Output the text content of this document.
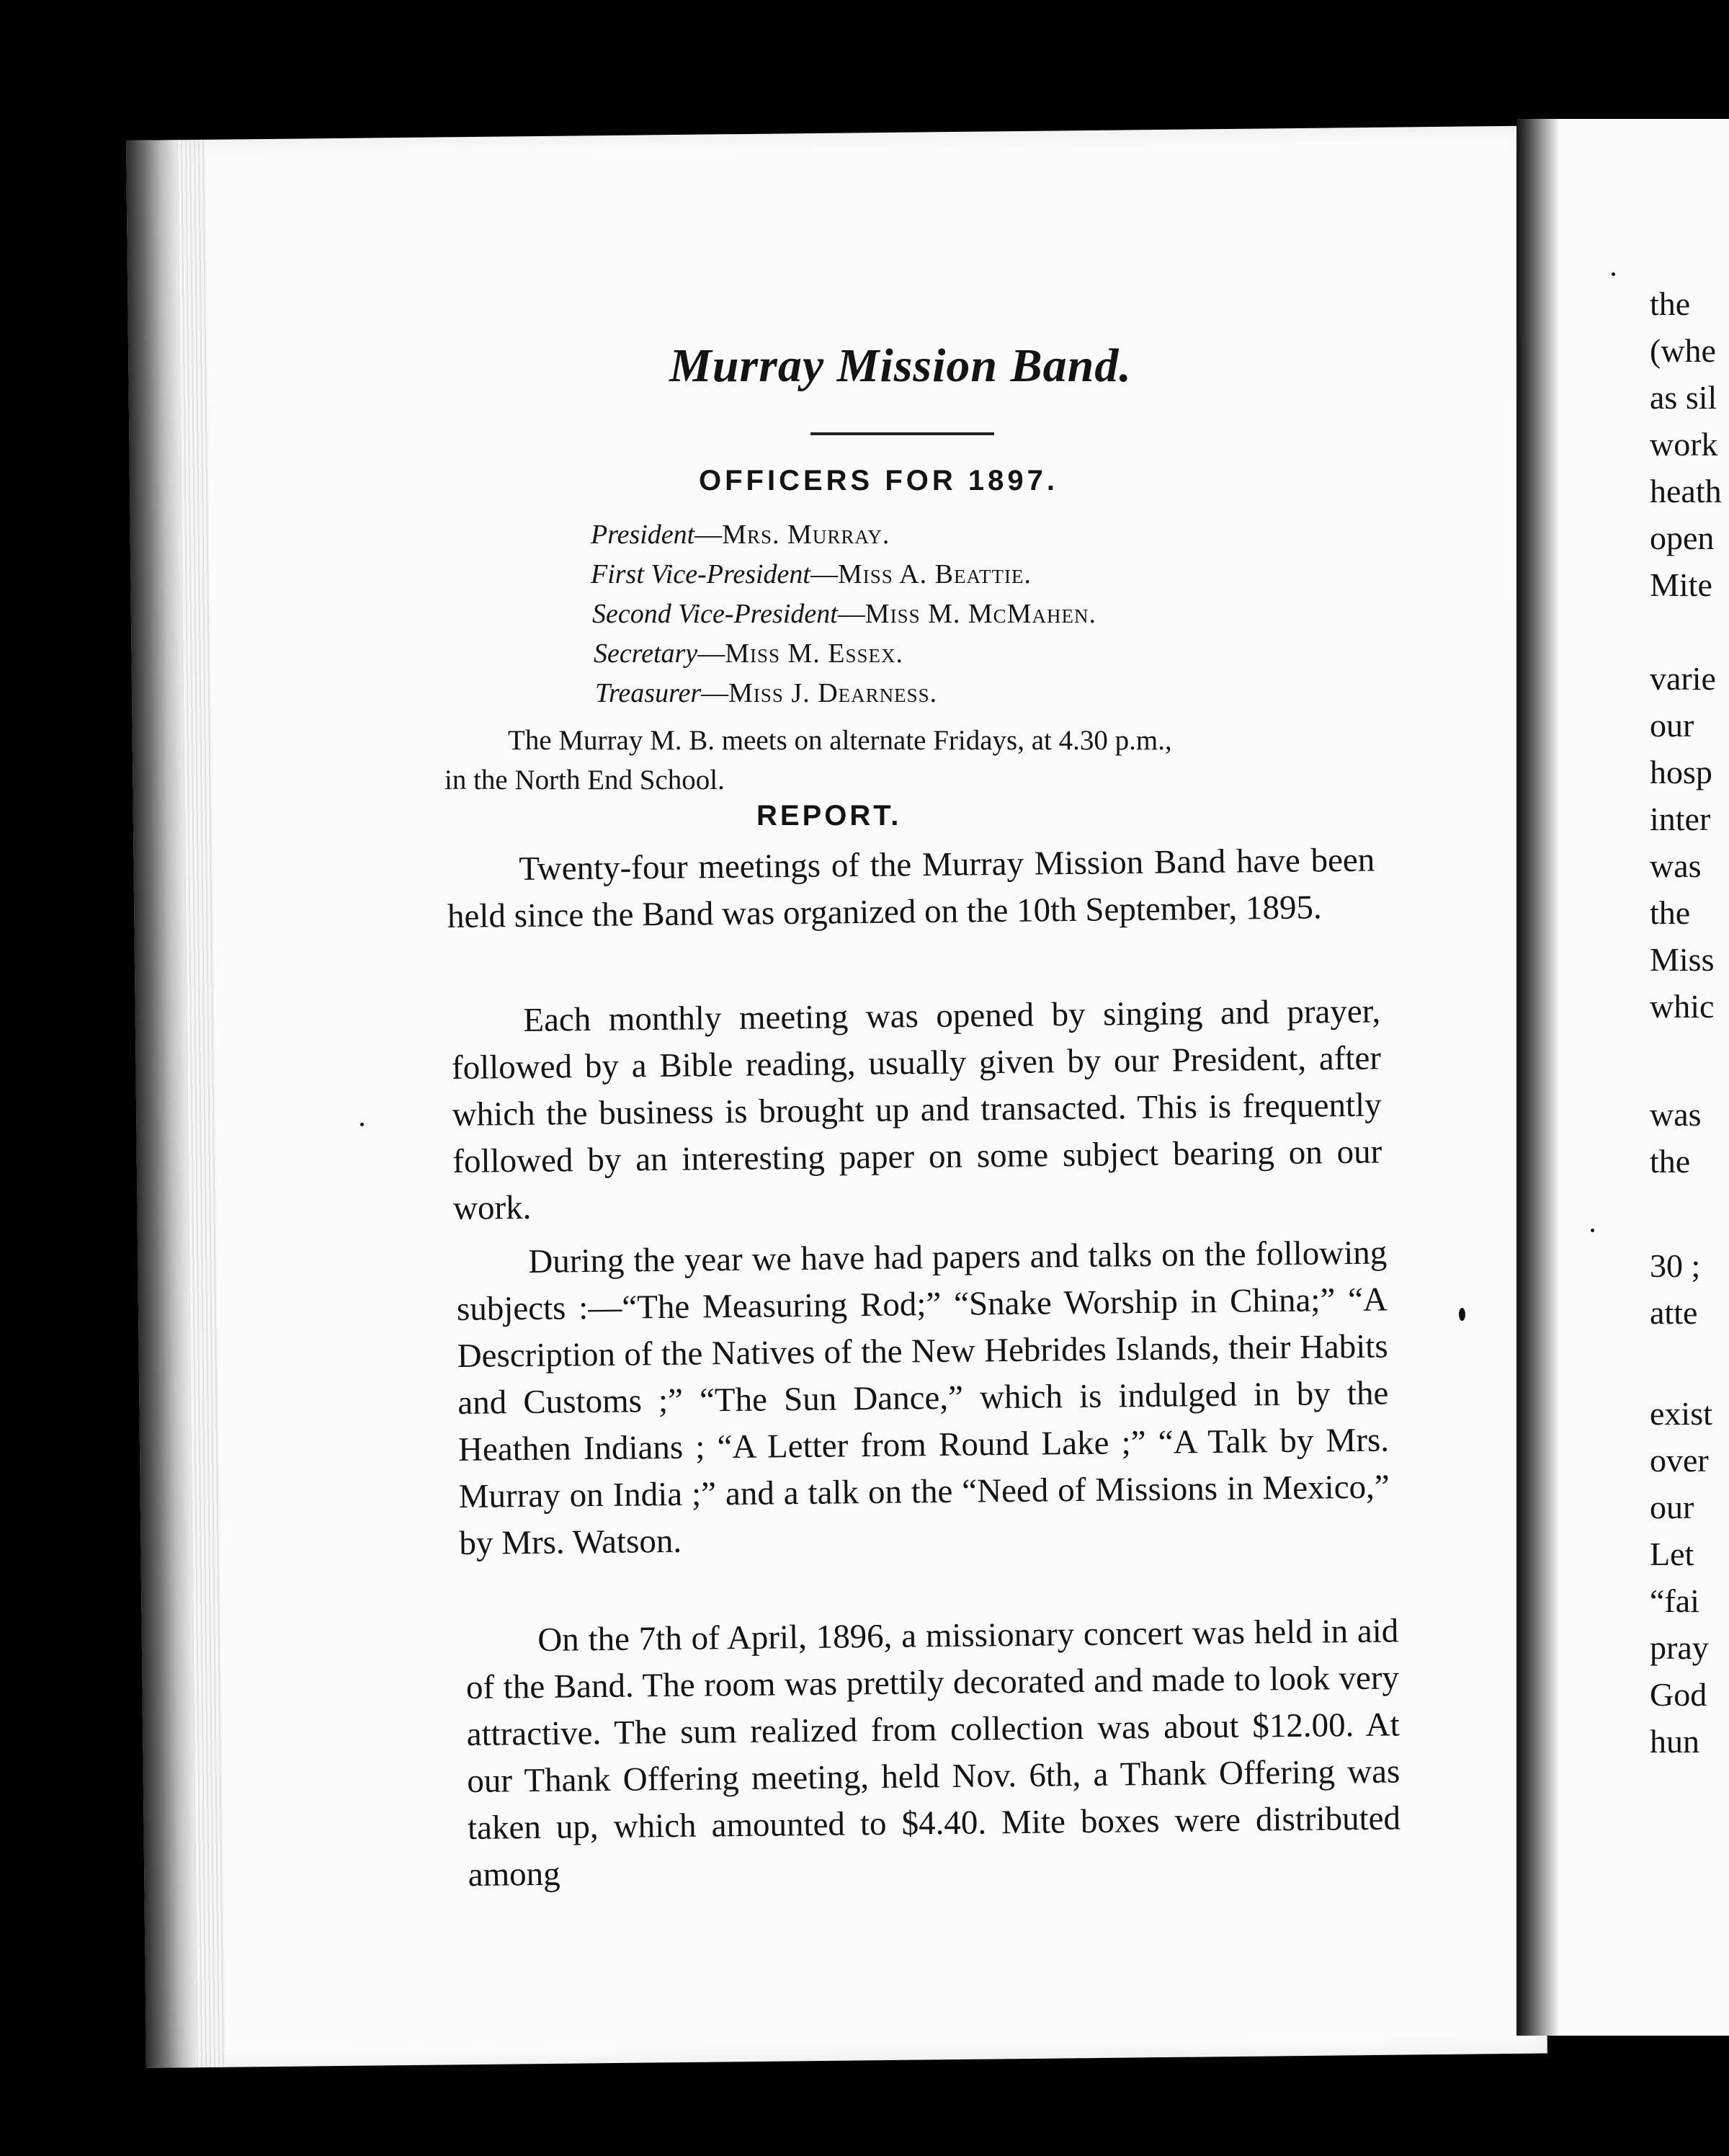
Murray Mission Band.
OFFICERS FOR 1897.
President—Mrs. Murray.
First Vice-President—Miss A. Beattie.
Second Vice-President—Miss M. McMahen.
Secretary—Miss M. Essex.
Treasurer—Miss J. Dearness.
The Murray M. B. meets on alternate Fridays, at 4.30 p.m.,
in the North End School.
REPORT.
Twenty-four meetings of the Murray Mission Band have been held since the Band was organized on the 10th September, 1895.
Each monthly meeting was opened by singing and prayer, followed by a Bible reading, usually given by our President, after which the business is brought up and transacted. This is frequently followed by an interesting paper on some subject bearing on our work.
During the year we have had papers and talks on the following subjects :—“The Measuring Rod;” “Snake Worship in China;” “A Description of the Natives of the New Hebrides Islands, their Habits and Customs ;” “The Sun Dance,” which is indulged in by the Heathen Indians ; “A Letter from Round Lake ;” “A Talk by Mrs. Murray on India ;” and a talk on the “Need of Missions in Mexico,” by Mrs. Watson.
On the 7th of April, 1896, a missionary concert was held in aid of the Band. The room was prettily decorated and made to look very attractive. The sum realized from collection was about $12.00. At our Thank Offering meeting, held Nov. 6th, a Thank Offering was taken up, which amounted to $4.40. Mite boxes were distributed among
the
(whe
as sil
work
heath
open
Mite
varie
our
hosp
inter
was
the
Miss
whic
was
the
30 ;
atte
exist
over
our
Let
“fai
pray
God
hun
